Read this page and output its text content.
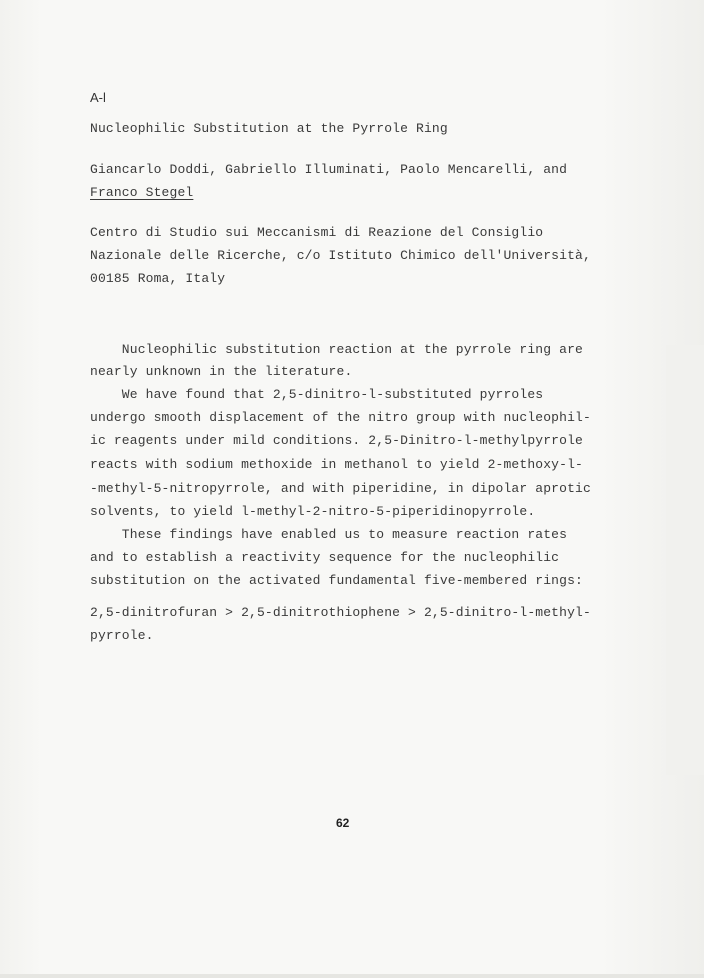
A-l
Nucleophilic Substitution at the Pyrrole Ring
Giancarlo Doddi, Gabriello Illuminati, Paolo Mencarelli, and
Franco Stegel
Centro di Studio sui Meccanismi di Reazione del Consiglio
Nazionale delle Ricerche, c/o Istituto Chimico dell'Università,
00185 Roma, Italy
Nucleophilic substitution reaction at the pyrrole ring are
nearly unknown in the literature.
We have found that 2,5-dinitro-l-substituted pyrroles
undergo smooth displacement of the nitro group with nucleophil-
ic reagents under mild conditions. 2,5-Dinitro-l-methylpyrrole
reacts with sodium methoxide in methanol to yield 2-methoxy-l-
-methyl-5-nitropyrrole, and with piperidine, in dipolar aprotic
solvents, to yield l-methyl-2-nitro-5-piperidinopyrrole.
These findings have enabled us to measure reaction rates
and to establish a reactivity sequence for the nucleophilic
substitution on the activated fundamental five-membered rings:
2,5-dinitrofuran > 2,5-dinitrothiophene > 2,5-dinitro-l-methyl-
pyrrole.
62
